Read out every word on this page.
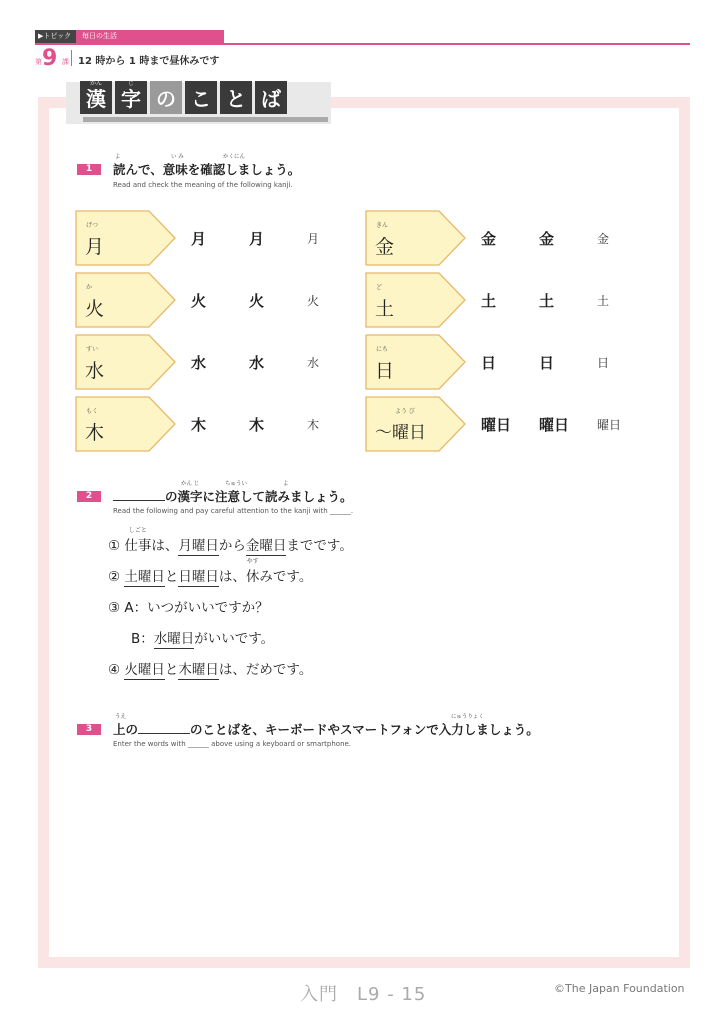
▶トピック	毎日の生活
第 9 課 12 時から 1 時まで昼休みです
かん
漢
じ
字 の こ と ば
1
よ	い み	かくにん
読んで、意味を確認しましょう。
Read and check the meaning of the following kanji.
げつ
月	月	月	月
か
火	火	火	火
すい
水	水	水	水
もく
木	木	木	木
きん
金	金	金	金
ど
土	土	土	土
にち
日	日	日	日
よう び
～曜日	曜日 曜日 曜日
2
かん じ	ちゅうい	よ
の漢字に注意して読みましょう。
Read the following and pay careful attention to the kanji with ______.
①
しごと
仕事は、月曜日から金曜日までです。
② 土曜日と日曜日は、
やす
休みです。
③ A：いつがいいですか？
B：水曜日がいいです。
④ 火曜日と木曜日は、だめです。
3
うえ	にゅうりょく
上の	のことばを、キーボードやスマートフォンで入力しましょう。
Enter the words with ______ above using a keyboard or smartphone.
入門　L9 - 15	©The Japan Foundation
